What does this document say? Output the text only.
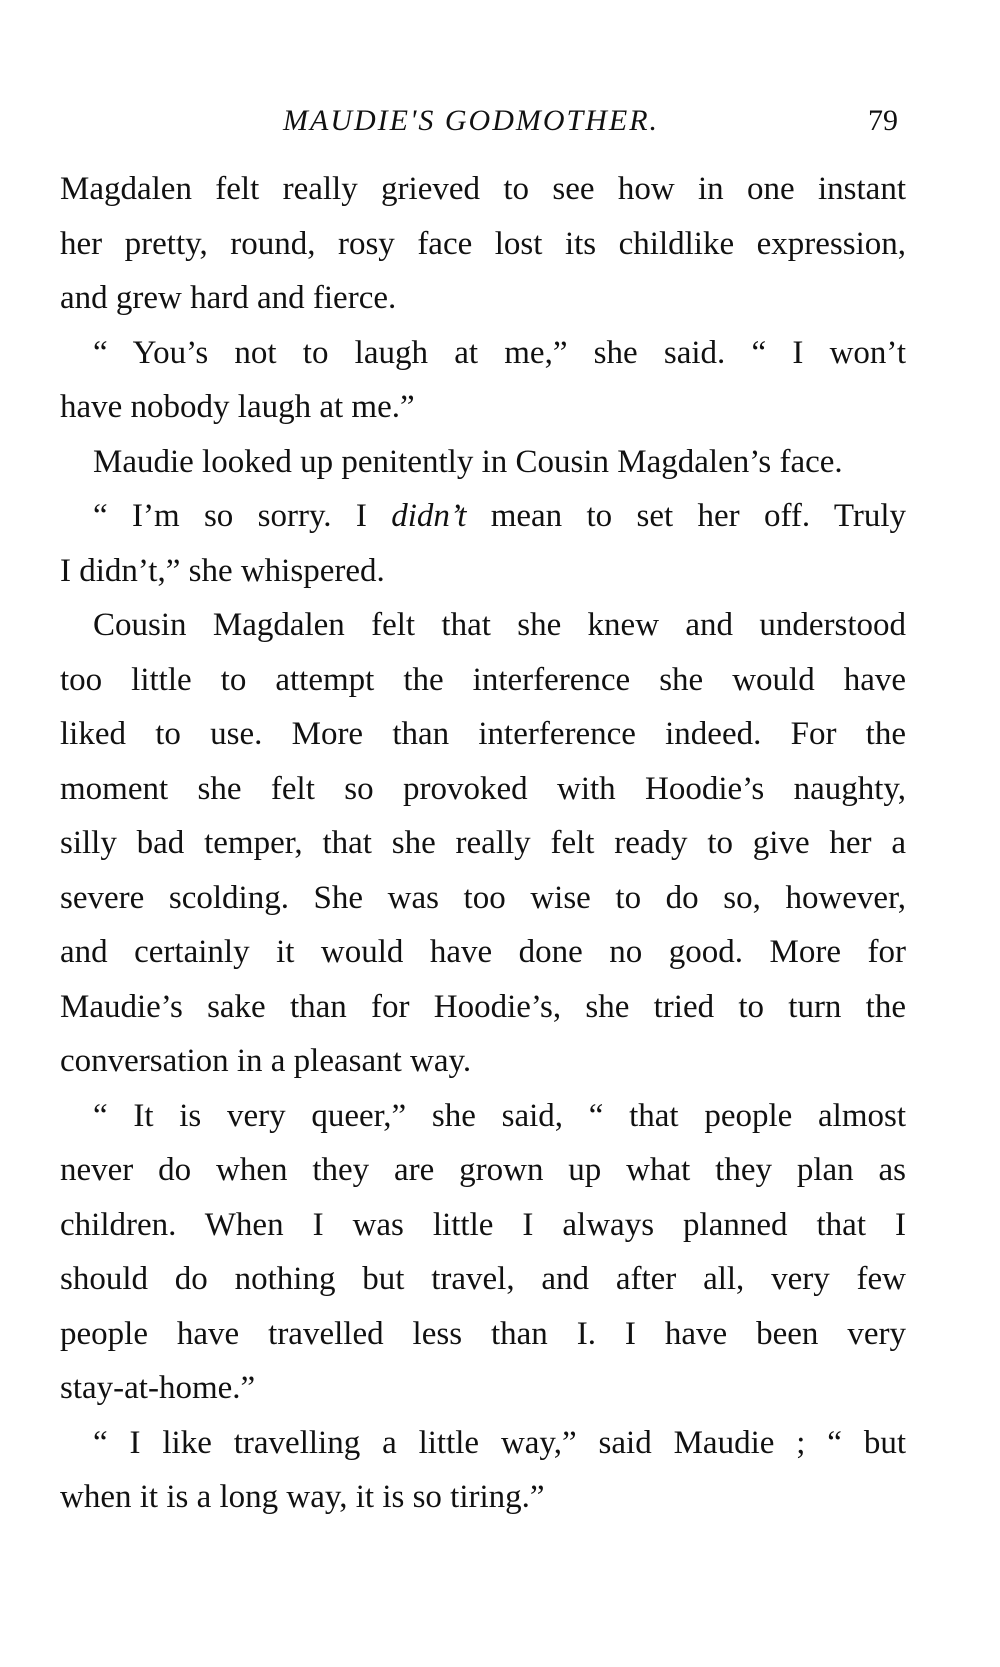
MAUDIE'S GODMOTHER.	79
Magdalen felt really grieved to see how in one instant
her pretty, round, rosy face lost its childlike expression,
and grew hard and fierce.
“ You’s not to laugh at me,” she said. “ I won’t
have nobody laugh at me.”
Maudie looked up penitently in Cousin Magdalen’s face.
“ I’m so sorry. I didn’t mean to set her off. Truly
I didn’t,” she whispered.
Cousin Magdalen felt that she knew and understood
too little to attempt the interference she would have
liked to use. More than interference indeed. For the
moment she felt so provoked with Hoodie’s naughty,
silly bad temper, that she really felt ready to give her a
severe scolding. She was too wise to do so, however,
and certainly it would have done no good. More for
Maudie’s sake than for Hoodie’s, she tried to turn the
conversation in a pleasant way.
“ It is very queer,” she said, “ that people almost
never do when they are grown up what they plan as
children. When I was little I always planned that I
should do nothing but travel, and after all, very few
people have travelled less than I. I have been very
stay-at-home.”
“ I like travelling a little way,” said Maudie ; “ but
when it is a long way, it is so tiring.”
